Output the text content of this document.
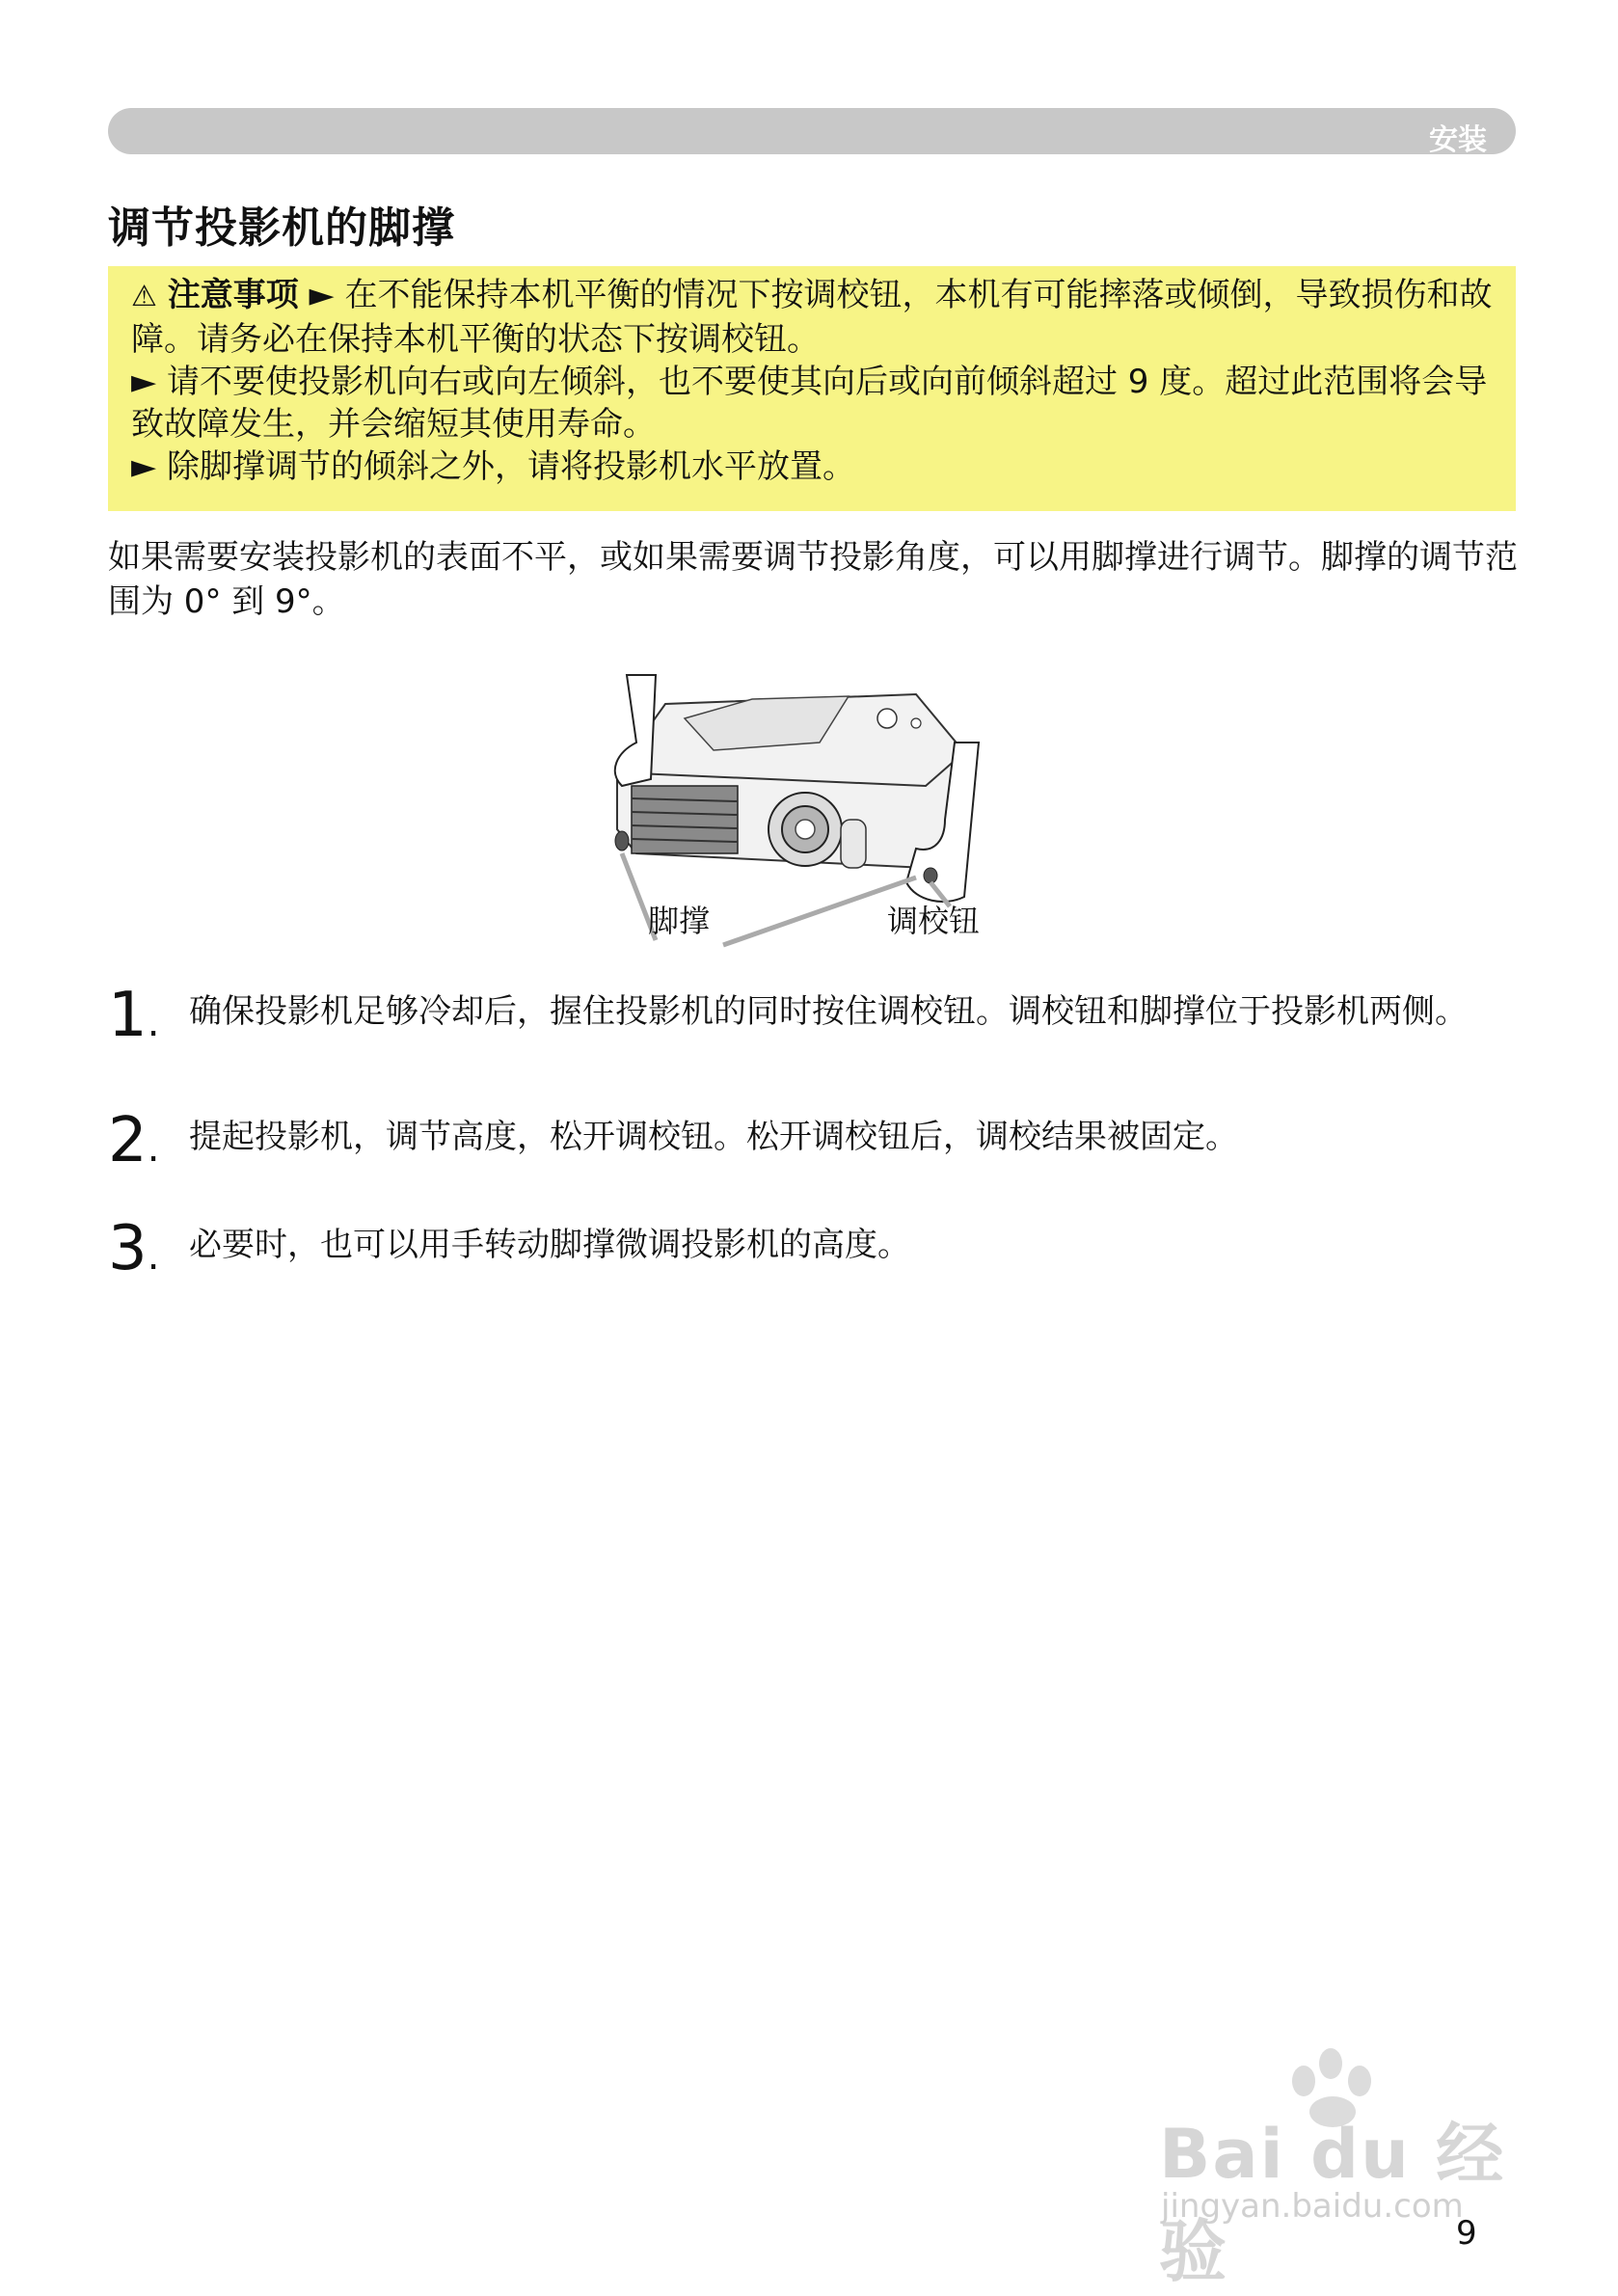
安装
调节投影机的脚撑

⚠ 注意事项 ► 在不能保持本机平衡的情况下按调校钮，本机有可能摔落或倾倒，导致损伤和故障。请务必在保持本机平衡的状态下按调校钮。

► 请不要使投影机向右或向左倾斜，也不要使其向后或向前倾斜超过 9 度。超过此范围将会导致故障发生，并会缩短其使用寿命。

► 除脚撑调节的倾斜之外，请将投影机水平放置。

如果需要安装投影机的表面不平，或如果需要调节投影角度，可以用脚撑进行调节。脚撑的调节范围为 0° 到 9°。

脚撑	调校钮
1. 确保投影机足够冷却后，握住投影机的同时按住调校钮。调校钮和脚撑位于投影机两侧。
2. 提起投影机，调节高度，松开调校钮。松开调校钮后，调校结果被固定。
3. 必要时，也可以用手转动脚撑微调投影机的高度。
Bai du 经验
jingyan.baidu.com
9
